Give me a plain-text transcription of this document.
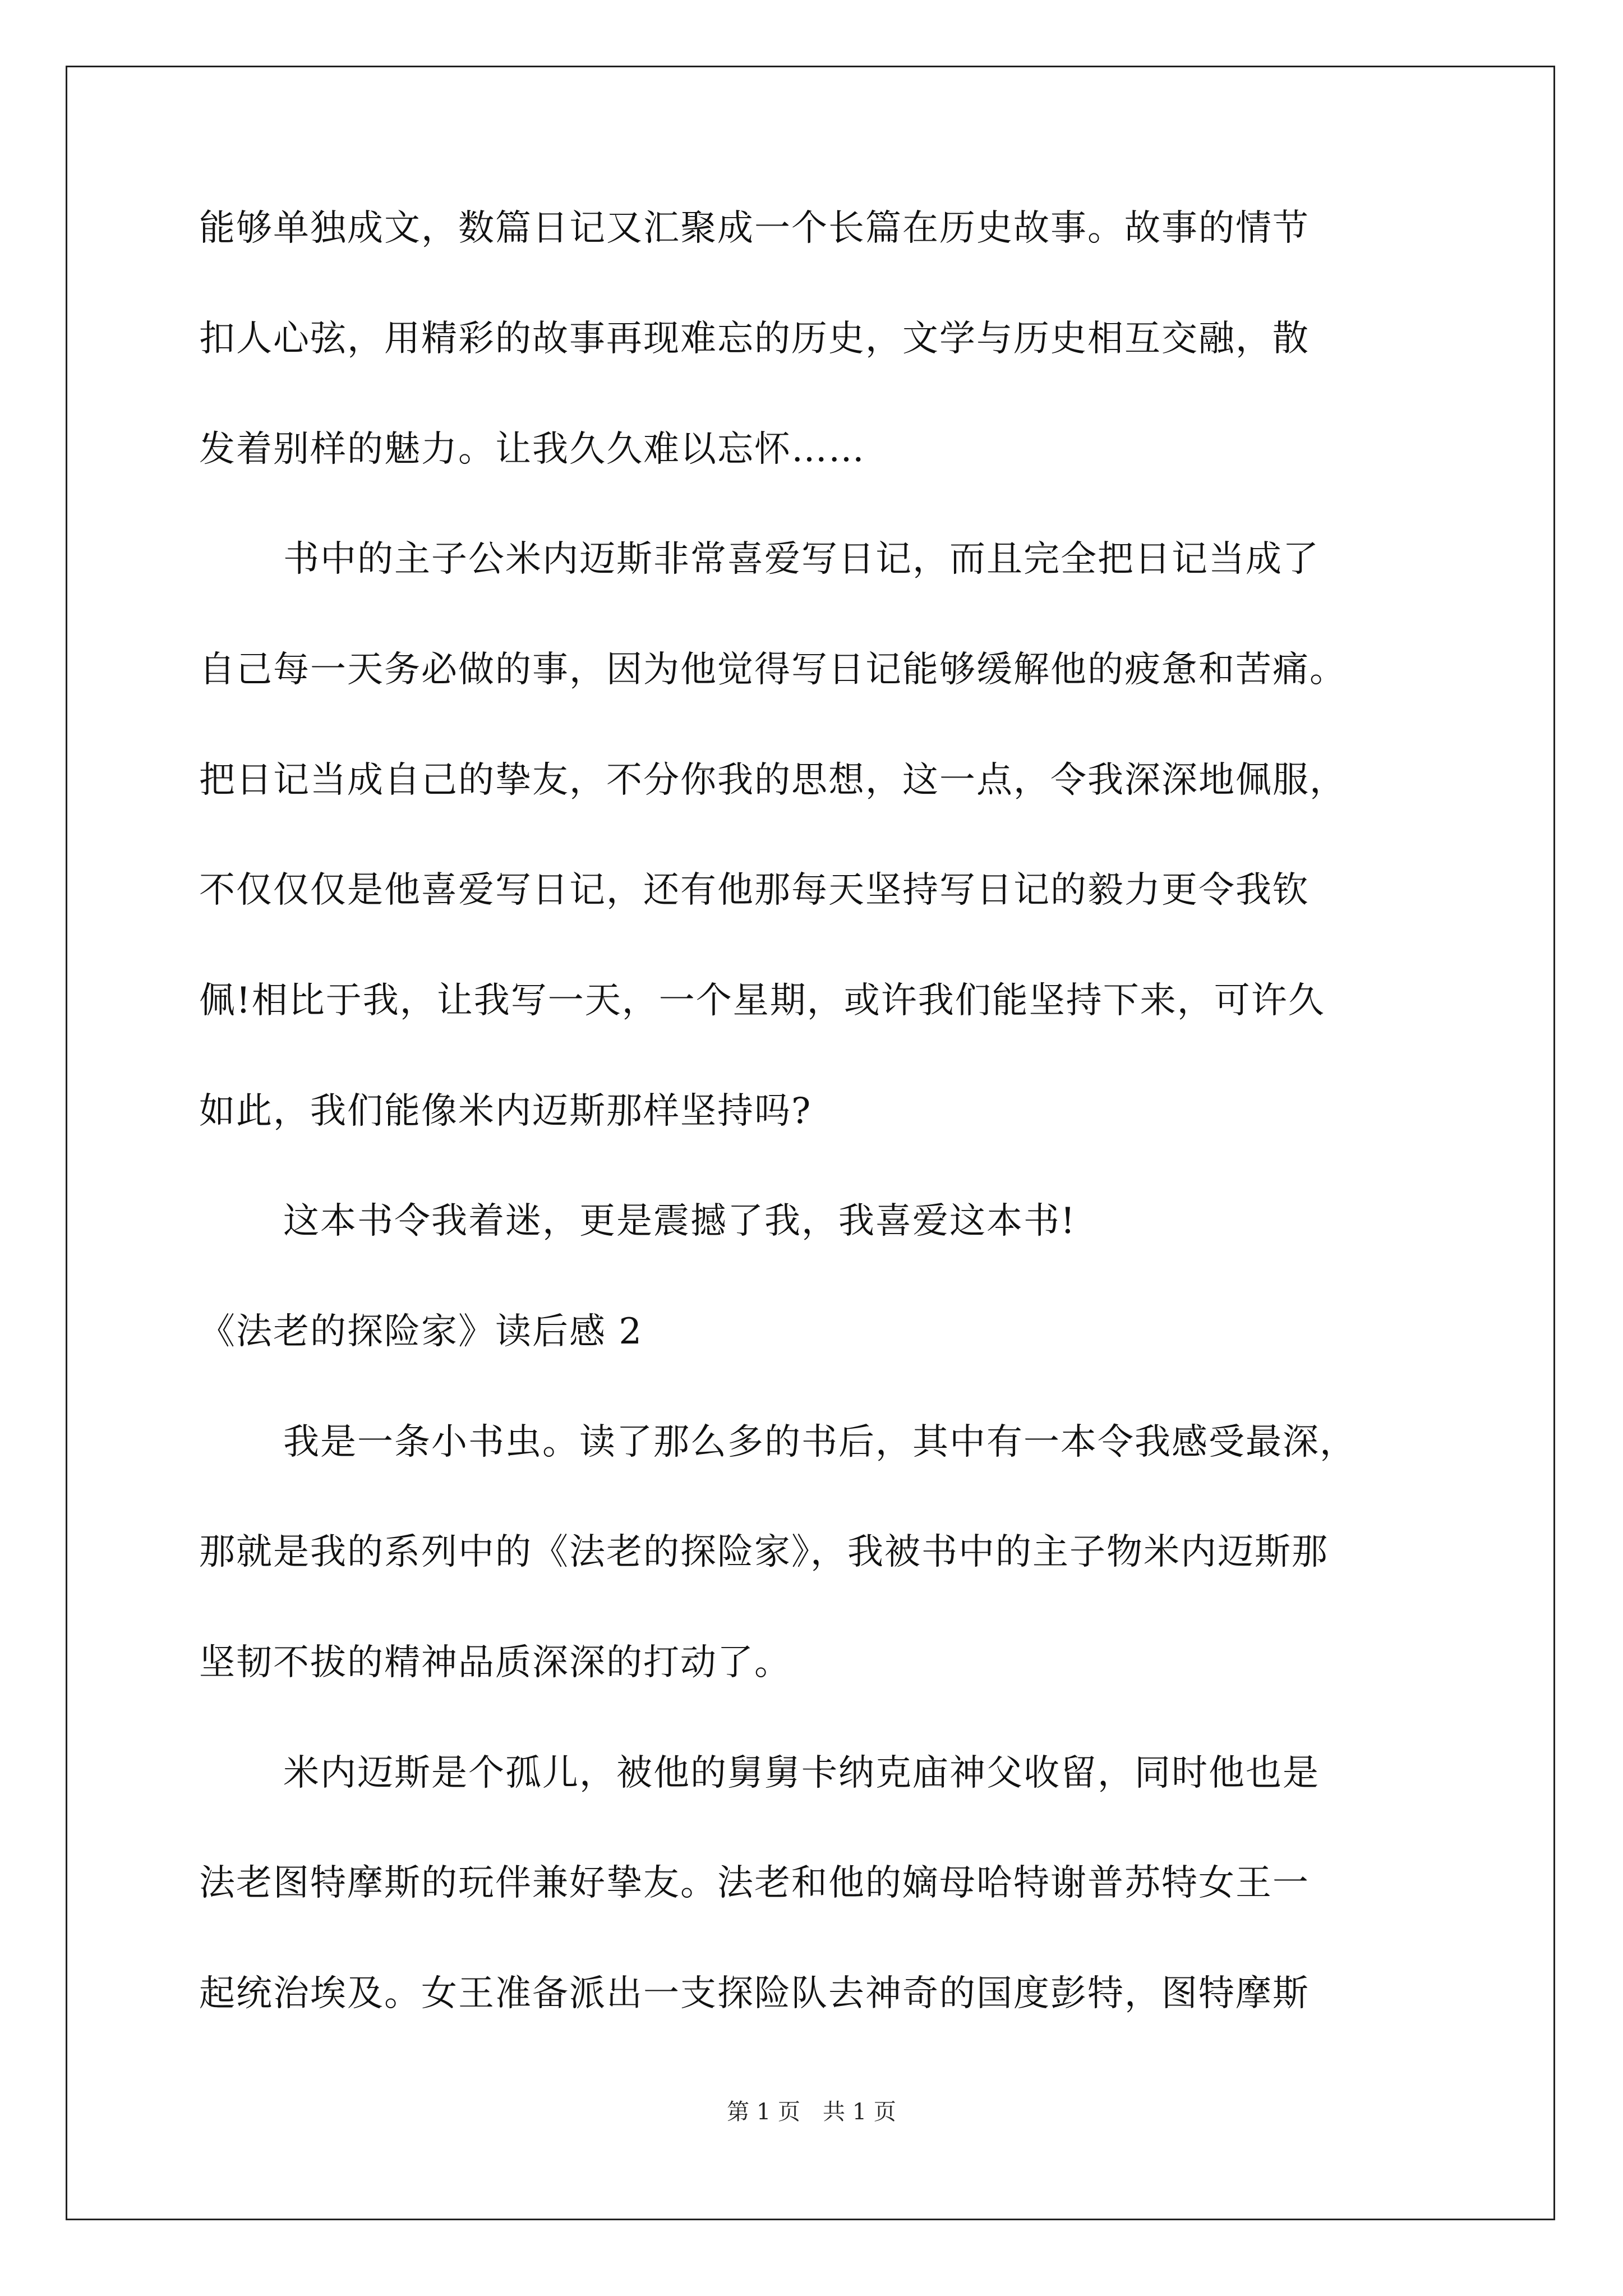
能够单独成文，数篇日记又汇聚成一个长篇在历史故事。故事的情节
扣人心弦，用精彩的故事再现难忘的历史，文学与历史相互交融，散
发着别样的魅力。让我久久难以忘怀……
书中的主子公米内迈斯非常喜爱写日记，而且完全把日记当成了
自己每一天务必做的事，因为他觉得写日记能够缓解他的疲惫和苦痛。
把日记当成自己的挚友，不分你我的思想，这一点，令我深深地佩服，
不仅仅仅是他喜爱写日记，还有他那每天坚持写日记的毅力更令我钦
佩!相比于我，让我写一天，一个星期，或许我们能坚持下来，可许久
如此，我们能像米内迈斯那样坚持吗?
这本书令我着迷，更是震撼了我，我喜爱这本书!
《法老的探险家》读后感 2
我是一条小书虫。读了那么多的书后，其中有一本令我感受最深，
那就是我的系列中的《法老的探险家》，我被书中的主子物米内迈斯那
坚韧不拔的精神品质深深的打动了。
米内迈斯是个孤儿，被他的舅舅卡纳克庙神父收留，同时他也是
法老图特摩斯的玩伴兼好挚友。法老和他的嫡母哈特谢普苏特女王一
起统治埃及。女王准备派出一支探险队去神奇的国度彭特，图特摩斯
第 1 页　共 1 页
